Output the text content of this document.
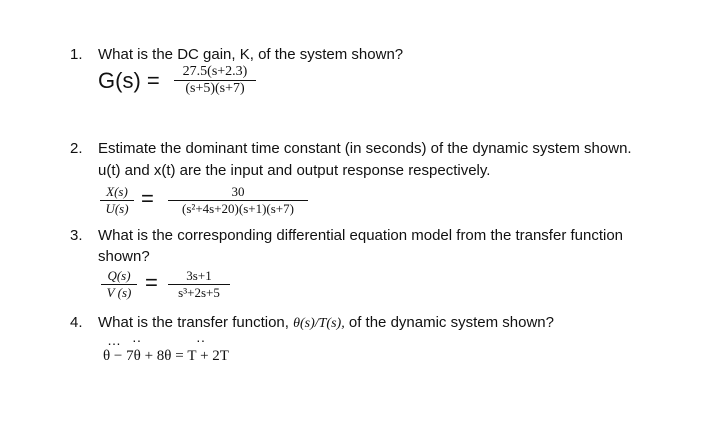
1. What is the DC gain, K, of the system shown?
G(s) =	27.5(s+2.3)
(s+5)(s+7)
2. Estimate the dominant time constant (in seconds) of the dynamic system shown.
u(t) and x(t) are the input and output response respectively.
X(s)
U(s) =	30
(s²+4s+20)(s+1)(s+7)
3. What is the corresponding differential equation model from the transfer function
shown?
Q(s)
V (s) =	3s+1
s³+2s+5
4. What is the transfer function, θ(s)/T(s), of the dynamic system shown?
… ··	··
θ − 7θ + 8θ = T + 2T
